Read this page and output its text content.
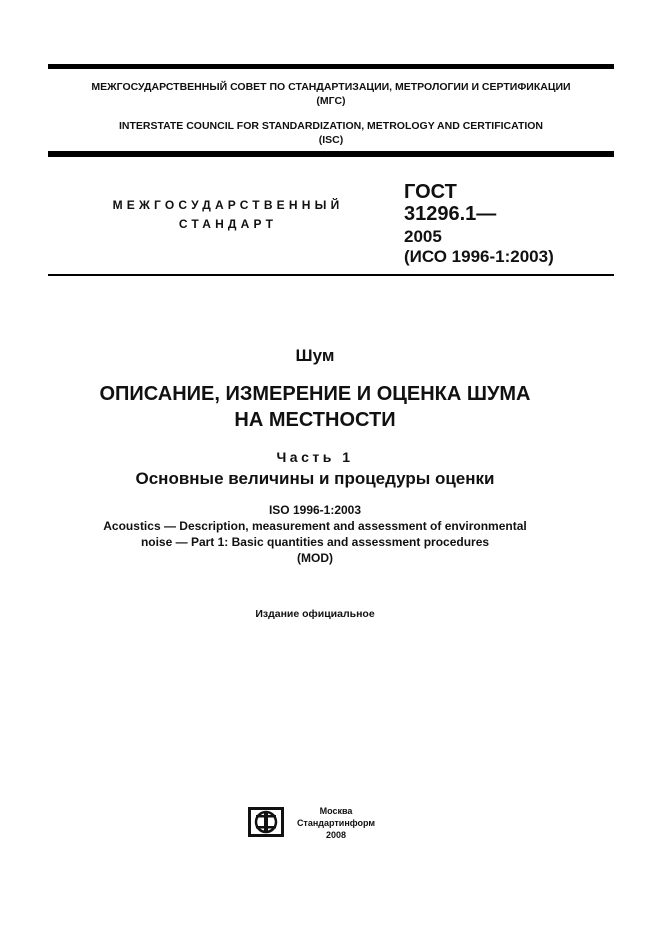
МЕЖГОСУДАРСТВЕННЫЙ СОВЕТ ПО СТАНДАРТИЗАЦИИ, МЕТРОЛОГИИ И СЕРТИФИКАЦИИ
(МГС)
INTERSTATE COUNCIL FOR STANDARDIZATION, METROLOGY AND CERTIFICATION
(ISC)
МЕЖГОСУДАРСТВЕННЫЙ
СТАНДАРТ
ГОСТ
31296.1—
2005
(ИСО 1996-1:2003)
Шум
ОПИСАНИЕ, ИЗМЕРЕНИЕ И ОЦЕНКА ШУМА
НА МЕСТНОСТИ
Часть 1
Основные величины и процедуры оценки
ISO 1996-1:2003
Acoustics — Description, measurement and assessment of environmental
noise — Part 1: Basic quantities and assessment procedures
(MOD)
Издание официальное
Москва
Стандартинформ
2008
